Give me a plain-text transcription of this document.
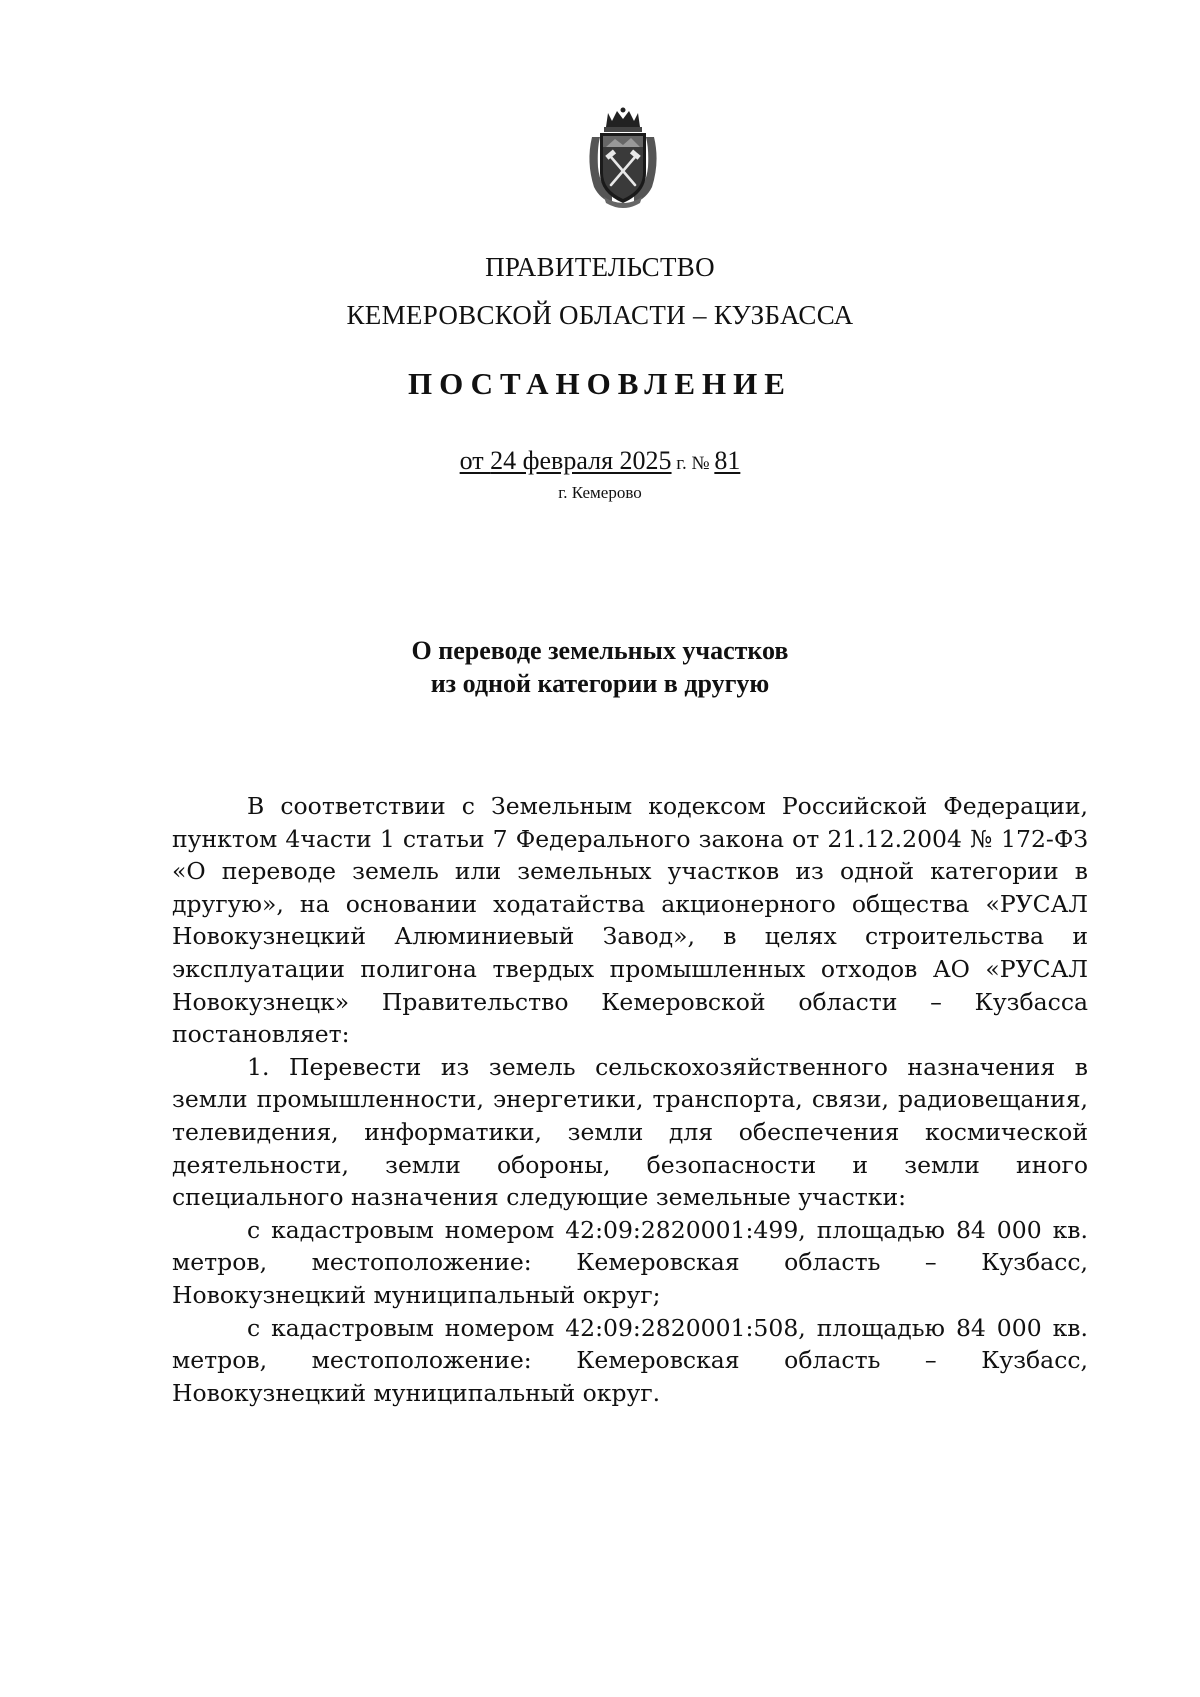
ПРАВИТЕЛЬСТВО
КЕМЕРОВСКОЙ ОБЛАСТИ – КУЗБАССА
ПОСТАНОВЛЕНИЕ
от 24 февраля 2025 г. № 81
г. Кемерово
О переводе земельных участков
из одной категории в другую

В соответствии с Земельным кодексом Российской Федерации, пунктом 4части 1 статьи 7 Федерального закона от 21.12.2004 № 172-ФЗ «О переводе земель или земельных участков из одной категории в другую», на основании ходатайства акционерного общества «РУСАЛ Новокузнецкий Алюминиевый Завод», в целях строительства и эксплуатации полигона твердых промышленных отходов АО «РУСАЛ Новокузнецк» Правительство Кемеровской области – Кузбасса постановляет:

1. Перевести из земель сельскохозяйственного назначения в земли промышленности, энергетики, транспорта, связи, радиовещания, телевидения, информатики, земли для обеспечения космической деятельности, земли обороны, безопасности и земли иного специального назначения следующие земельные участки:

с кадастровым номером 42:09:2820001:499, площадью 84 000 кв. метров, местоположение: Кемеровская область – Кузбасс, Новокузнецкий муниципальный округ;

с кадастровым номером 42:09:2820001:508, площадью 84 000 кв. метров, местоположение: Кемеровская область – Кузбасс, Новокузнецкий муниципальный округ.
